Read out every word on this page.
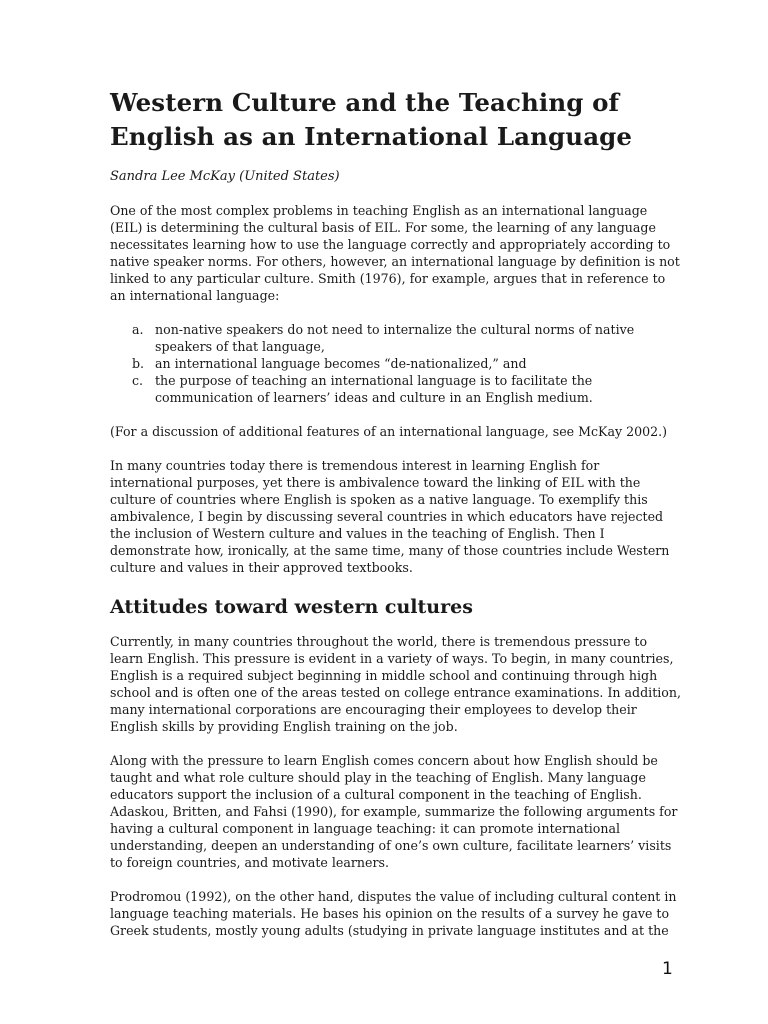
Western Culture and the Teaching of English as an International Language
Sandra Lee McKay (United States)

One of the most complex problems in teaching English as an international language (EIL) is determining the cultural basis of EIL. For some, the learning of any language necessitates learning how to use the language correctly and appropriately according to native speaker norms. For others, however, an international language by definition is not linked to any particular culture. Smith (1976), for example, argues that in reference to an international language:

a. non-native speakers do not need to internalize the cultural norms of native speakers of that language,
b. an international language becomes “de-nationalized,” and
c. the purpose of teaching an international language is to facilitate the communication of learners’ ideas and culture in an English medium.

(For a discussion of additional features of an international language, see McKay 2002.)

In many countries today there is tremendous interest in learning English for international purposes, yet there is ambivalence toward the linking of EIL with the culture of countries where English is spoken as a native language. To exemplify this ambivalence, I begin by discussing several countries in which educators have rejected the inclusion of Western culture and values in the teaching of English. Then I demonstrate how, ironically, at the same time, many of those countries include Western culture and values in their approved textbooks.

Attitudes toward western cultures

Currently, in many countries throughout the world, there is tremendous pressure to learn English. This pressure is evident in a variety of ways. To begin, in many countries, English is a required subject beginning in middle school and continuing through high school and is often one of the areas tested on college entrance examinations. In addition, many international corporations are encouraging their employees to develop their English skills by providing English training on the job.

Along with the pressure to learn English comes concern about how English should be taught and what role culture should play in the teaching of English. Many language educators support the inclusion of a cultural component in the teaching of English. Adaskou, Britten, and Fahsi (1990), for example, summarize the following arguments for having a cultural component in language teaching: it can promote international understanding, deepen an understanding of one’s own culture, facilitate learners’ visits to foreign countries, and motivate learners.

Prodromou (1992), on the other hand, disputes the value of including cultural content in language teaching materials. He bases his opinion on the results of a survey he gave to Greek students, mostly young adults (studying in private language institutes and at the

1
